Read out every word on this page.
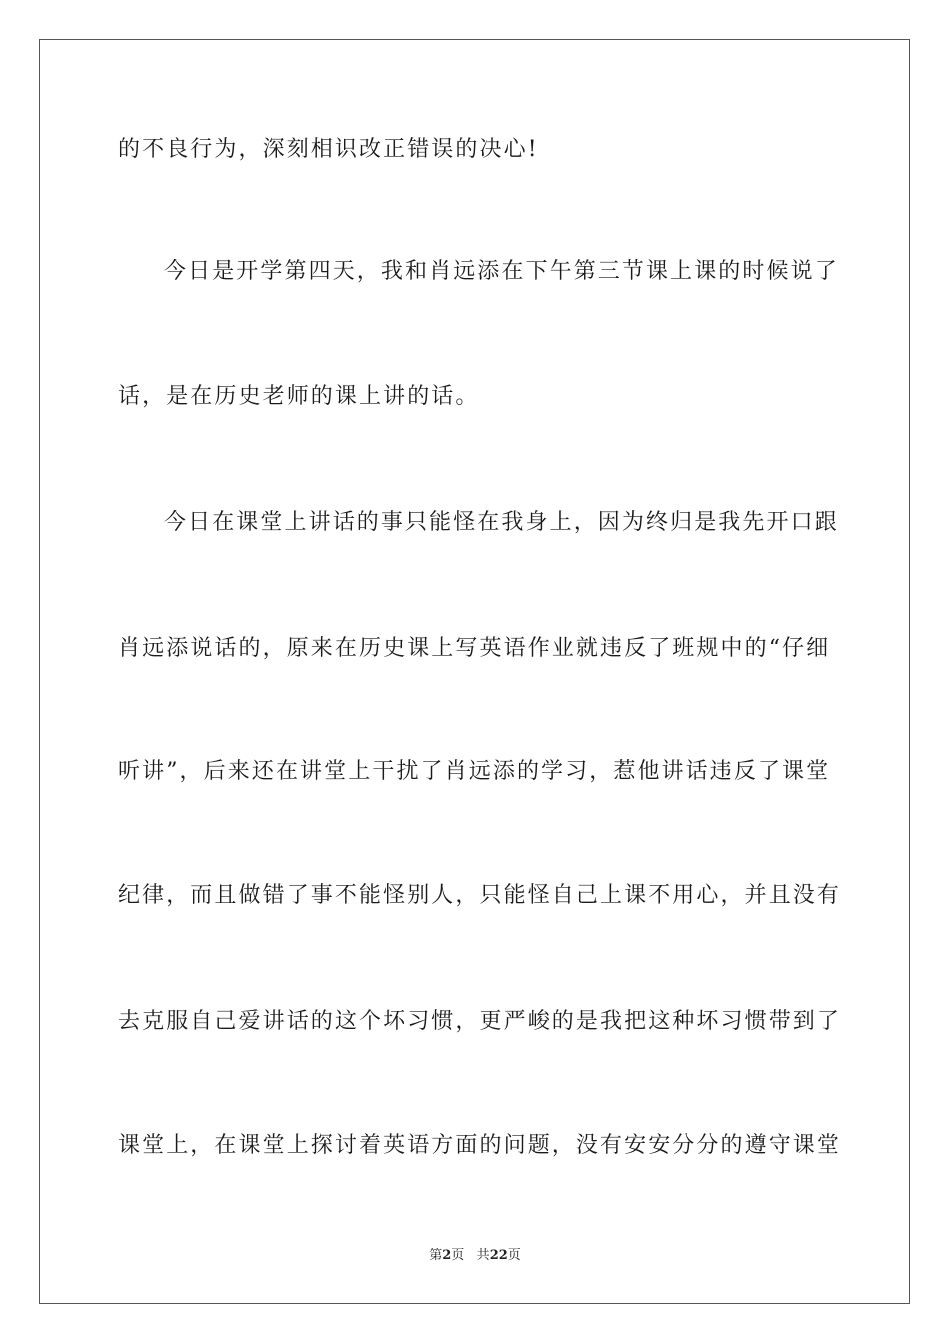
的不良行为，深刻相识改正错误的决心!
今日是开学第四天，我和肖远添在下午第三节课上课的时候说了
话，是在历史老师的课上讲的话。
今日在课堂上讲话的事只能怪在我身上，因为终归是我先开口跟
肖远添说话的，原来在历史课上写英语作业就违反了班规中的“仔细
听讲”，后来还在讲堂上干扰了肖远添的学习，惹他讲话违反了课堂
纪律，而且做错了事不能怪别人，只能怪自己上课不用心，并且没有
去克服自己爱讲话的这个坏习惯，更严峻的是我把这种坏习惯带到了
课堂上，在课堂上探讨着英语方面的问题，没有安安分分的遵守课堂
第2页 共22页
